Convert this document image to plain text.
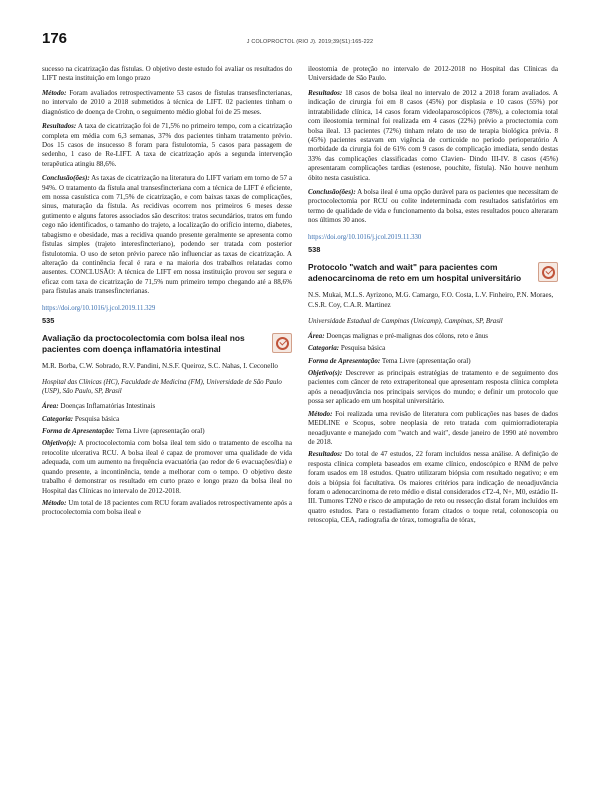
176	J COLOPROCTOL (RIO J). 2019;39(S1):165-222

sucesso na cicatrização das fístulas. O objetivo deste estudo foi avaliar os resultados do LIFT nesta instituição em longo prazo

Método: Foram avaliados retrospectivamente 53 casos de fístulas transesfincterianas, no intervalo de 2010 a 2018 submetidos à técnica de LIFT. 02 pacientes tinham o diagnóstico de doença de Crohn, o seguimento médio global foi de 25 meses.

Resultados: A taxa de cicatrização foi de 71,5% no primeiro tempo, com a cicatrização completa em média com 6,3 semanas, 37% dos pacientes tinham tratamento prévio. Dos 15 casos de insucesso 8 foram para fistulotomia, 5 casos para passagem de sedenho, 1 caso de Re-LIFT. A taxa de cicatrização após a segunda intervenção terapêutica atingiu 88,6%.

Conclusão(ões): As taxas de cicatrização na literatura do LIFT variam em torno de 57 a 94%. O tratamento da fístula anal transesfincteriana com a técnica de LIFT é eficiente, em nossa casuística com 71,5% de cicatrização, e com baixas taxas de complicações, sinus, maturação da fístula. As recidivas ocorrem nos primeiros 6 meses desse gutimento e alguns fatores associados são descritos: tratos secundários, tratos em fundo cego não identificados, o tamanho do trajeto, a localização do orifício interno, diabetes, tabagismo e obesidade, mas a recidiva quando presente geralmente se apresenta como fístulas simples (trajeto interesfincteriano), podendo ser tratada com posterior fistulotomia. O uso de seton prévio parece não influenciar as taxas de cicatrização. A alteração da continência fecal é rara e na maioria dos trabalhos relatadas como ausentes. CONCLUSÃO: A técnica de LIFT em nossa instituição provou ser segura e eficaz com taxa de cicatrização de 71,5% num primeiro tempo chegando até a 88,6% para fístulas anais transesfincterianas.

https://doi.org/10.1016/j.jcol.2019.11.329
535
Avaliação da proctocolectomia com bolsa ileal nos pacientes com doença inflamatória intestinal
M.R. Borba, C.W. Sobrado, R.V. Pandini, N.S.F. Queiroz, S.C. Nahas, I. Ceconello
Hospital das Clínicas (HC), Faculdade de Medicina (FM), Universidade de São Paulo (USP), São Paulo, SP, Brasil

Área: Doenças Inflamatórias Intestinais

Categoria: Pesquisa básica

Forma de Apresentação: Tema Livre (apresentação oral)

Objetivo(s): A proctocolectomia com bolsa ileal tem sido o tratamento de escolha na retocolite ulcerativa RCU. A bolsa ileal é capaz de promover uma qualidade de vida adequada, com um aumento na frequência evacuatória (ao redor de 6 evacuações/dia) e quando presente, a incontinência, tende a melhorar com o tempo. O objetivo deste trabalho é demonstrar os resultado em curto prazo e longo prazo da bolsa ileal no Hospital das Clínicas no intervalo de 2012-2018.

Método: Um total de 18 pacientes com RCU foram avaliados retrospectivamente após a proctocolectomia com bolsa ileal e

ileostomia de proteção no intervalo de 2012-2018 no Hospital das Clínicas da Universidade de São Paulo.

Resultados: 18 casos de bolsa ileal no intervalo de 2012 a 2018 foram avaliados. A indicação de cirurgia foi em 8 casos (45%) por displasia e 10 casos (55%) por intratabilidade clínica, 14 casos foram videolaparoscópicos (78%), a colectomia total com ileostomia terminal foi realizada em 4 casos (22%) prévio a proctectomia com bolsa ileal. 13 pacientes (72%) tinham relato de uso de terapia biológica prévia. 8 (45%) pacientes estavam em vigência de corticoide no período perioperatório A morbidade da cirurgia foi de 61% com 9 casos de complicação imediata, sendo destas 33% das complicações classificadas como Clavien- Dindo III-IV. 8 casos (45%) apresentaram complicações tardias (estenose, pouchite, fístula). Não houve nenhum óbito nesta casuística.

Conclusão(ões): A bolsa ileal é uma opção durável para os pacientes que necessitam de proctocolectomia por RCU ou colite indeterminada com resultados satisfatórios em termo de qualidade de vida e funcionamento da bolsa, estes resultados pouco alteraram nos últimos 30 anos.

https://doi.org/10.1016/j.jcol.2019.11.330
538
Protocolo "watch and wait" para pacientes com adenocarcinoma de reto em um hospital universitário
N.S. Mukai, M.L.S. Ayrizono, M.G. Camargo, F.O. Costa, L.V. Finheiro, P.N. Moraes, C.S.R. Coy, C.A.R. Martinez
Universidade Estadual de Campinas (Unicamp), Campinas, SP, Brasil

Área: Doenças malignas e pré-malignas dos cólons, reto e ânus

Categoria: Pesquisa básica

Forma de Apresentação: Tema Livre (apresentação oral)

Objetivo(s): Descrever as principais estratégias de tratamento e de seguimento dos pacientes com câncer de reto extraperitoneal que apresentam resposta clínica completa após a neoadjuvância nos principais serviços do mundo; e definir um protocolo que possa ser aplicado em um hospital universitário.

Método: Foi realizada uma revisão de literatura com publicações nas bases de dados MEDLINE e Scopus, sobre neoplasia de reto tratada com quimiorradioterapia neoadjuvante e manejado com "watch and wait", desde janeiro de 1990 até novembro de 2018.

Resultados: Do total de 47 estudos, 22 foram incluídos nessa análise. A definição de resposta clínica completa baseados em exame clínico, endoscópico e RNM de pelve foram usados em 18 estudos. Quatro utilizaram biópsia com resultado negativo; e em dois a biópsia foi facultativa. Os maiores critérios para indicação de neoadjuvância foram o adenocarcinoma de reto médio e distal considerados cT2-4, N+, M0, estádio II-III. Tumores T2N0 e risco de amputação de reto ou ressecção distal foram incluídos em quatro estudos. Para o restadiamento foram citados o toque retal, colonoscopia ou retoscopia, CEA, radiografia de tórax, tomografia de tórax,
